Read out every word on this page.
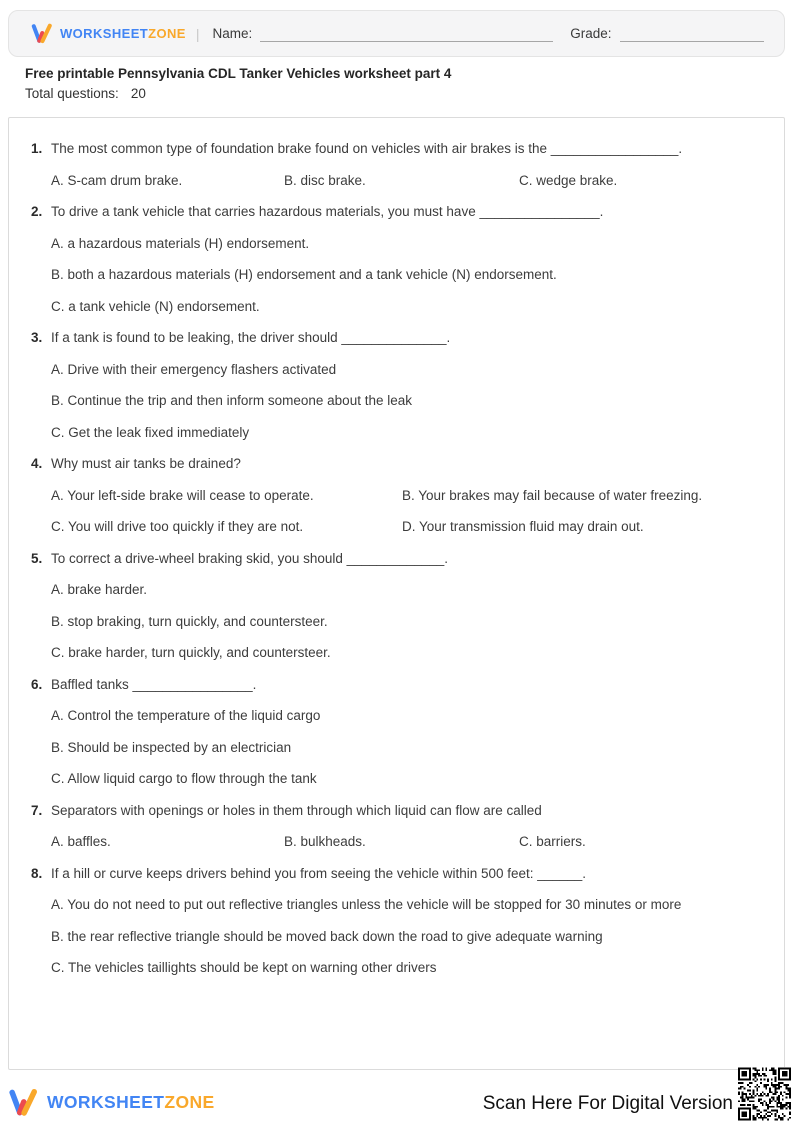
WORKSHEETZONE | Name:	Grade:
Free printable Pennsylvania CDL Tanker Vehicles worksheet part 4
Total questions: 20
1. The most common type of foundation brake found on vehicles with air brakes is the _________________.
A. S-cam drum brake.	B. disc brake.	C. wedge brake.
2. To drive a tank vehicle that carries hazardous materials, you must have ________________.
A. a hazardous materials (H) endorsement.
B. both a hazardous materials (H) endorsement and a tank vehicle (N) endorsement.
C. a tank vehicle (N) endorsement.
3. If a tank is found to be leaking, the driver should ______________.
A. Drive with their emergency flashers activated
B. Continue the trip and then inform someone about the leak
C. Get the leak fixed immediately
4. Why must air tanks be drained?
A. Your left-side brake will cease to operate.	B. Your brakes may fail because of water freezing.
C. You will drive too quickly if they are not.	D. Your transmission fluid may drain out.
5. To correct a drive-wheel braking skid, you should _____________.
A. brake harder.
B. stop braking, turn quickly, and countersteer.
C. brake harder, turn quickly, and countersteer.
6. Baffled tanks ________________.
A. Control the temperature of the liquid cargo
B. Should be inspected by an electrician
C. Allow liquid cargo to flow through the tank
7. Separators with openings or holes in them through which liquid can flow are called
A. baffles.	B. bulkheads.	C. barriers.
8. If a hill or curve keeps drivers behind you from seeing the vehicle within 500 feet: ______.
A. You do not need to put out reflective triangles unless the vehicle will be stopped for 30 minutes or more
B. the rear reflective triangle should be moved back down the road to give adequate warning
C. The vehicles taillights should be kept on warning other drivers
WORKSHEETZONE	Scan Here For Digital Version
